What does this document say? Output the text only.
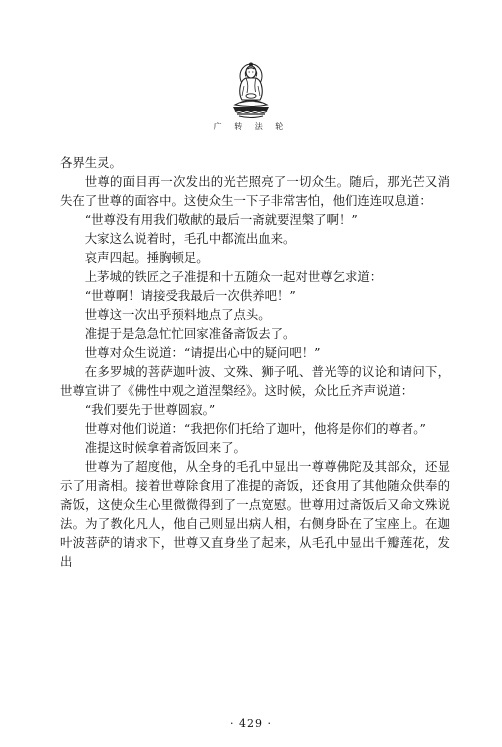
广 转 法 轮

各界生灵。

世尊的面目再一次发出的光芒照亮了一切众生。随后，那光芒又消失在了世尊的面容中。这使众生一下子非常害怕，他们连连叹息道：

“世尊没有用我们敬献的最后一斋就要涅槃了啊！”

大家这么说着时，毛孔中都流出血来。

哀声四起。捶胸顿足。

上茅城的铁匠之子准提和十五随众一起对世尊乞求道：

“世尊啊！请接受我最后一次供养吧！”

世尊这一次出乎预料地点了点头。

准提于是急急忙忙回家准备斋饭去了。

世尊对众生说道：“请提出心中的疑问吧！”

在多罗城的菩萨迦叶波、文殊、狮子吼、普光等的议论和请问下，世尊宣讲了《佛性中观之道涅槃经》。这时候，众比丘齐声说道：

“我们要先于世尊圆寂。”

世尊对他们说道：“我把你们托给了迦叶，他将是你们的尊者。”

准提这时候拿着斋饭回来了。

世尊为了超度他，从全身的毛孔中显出一尊尊佛陀及其部众，还显示了用斋相。接着世尊除食用了准提的斋饭，还食用了其他随众供奉的斋饭，这使众生心里微微得到了一点宽慰。世尊用过斋饭后又命文殊说法。为了教化凡人，他自己则显出病人相，右侧身卧在了宝座上。在迦叶波菩萨的请求下，世尊又直身坐了起来，从毛孔中显出千瓣莲花，发出

· 429 ·
